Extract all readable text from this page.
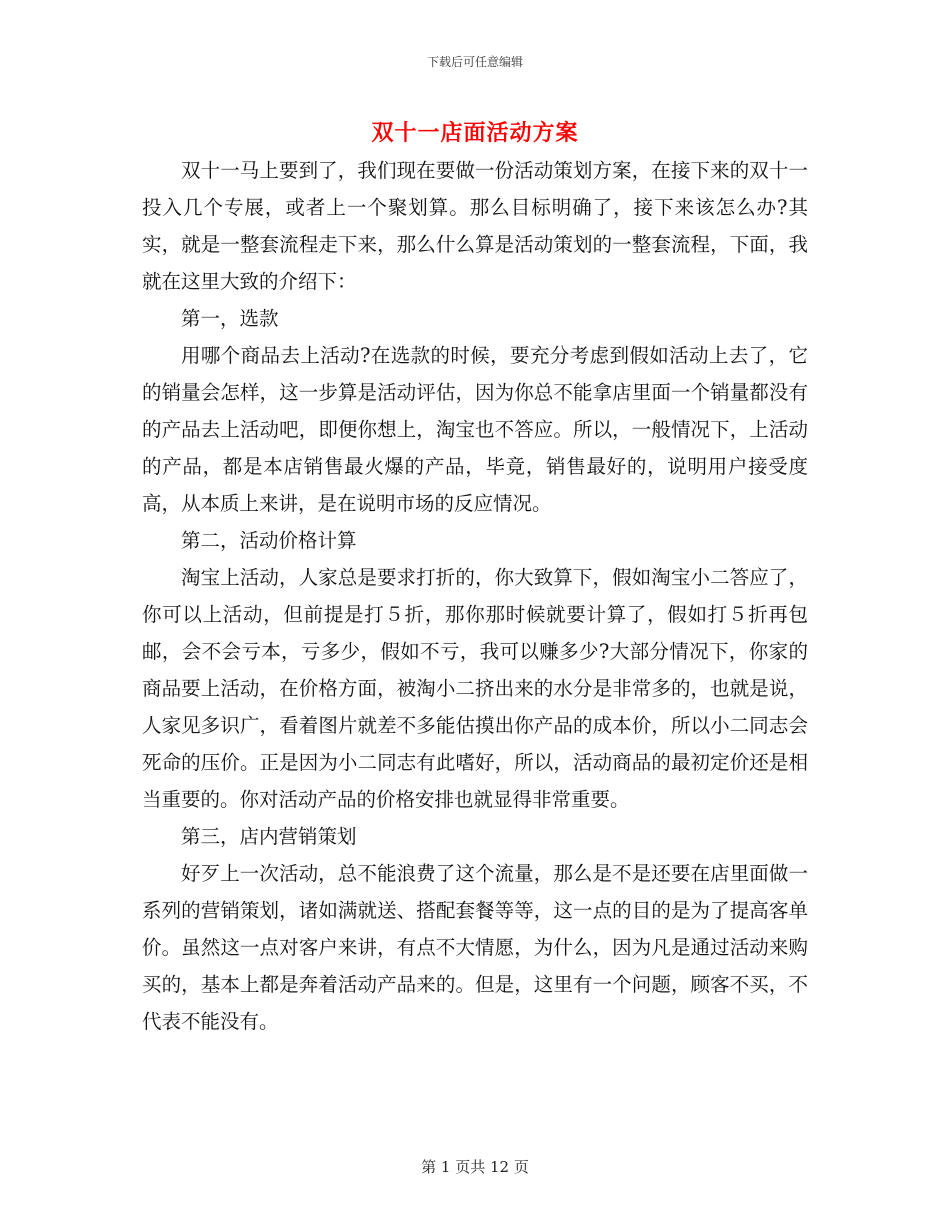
下载后可任意编辑
双十一店面活动方案

双十一马上要到了，我们现在要做一份活动策划方案，在接下来的双十一投入几个专展，或者上一个聚划算。那么目标明确了，接下来该怎么办?其实，就是一整套流程走下来，那么什么算是活动策划的一整套流程，下面，我就在这里大致的介绍下：

第一，选款

用哪个商品去上活动?在选款的时候，要充分考虑到假如活动上去了，它的销量会怎样，这一步算是活动评估，因为你总不能拿店里面一个销量都没有的产品去上活动吧，即便你想上，淘宝也不答应。所以，一般情况下，上活动的产品，都是本店销售最火爆的产品，毕竟，销售最好的，说明用户接受度高，从本质上来讲，是在说明市场的反应情况。

第二，活动价格计算

淘宝上活动，人家总是要求打折的，你大致算下，假如淘宝小二答应了，你可以上活动，但前提是打５折，那你那时候就要计算了，假如打５折再包邮，会不会亏本，亏多少，假如不亏，我可以赚多少?大部分情况下，你家的商品要上活动，在价格方面，被淘小二挤出来的水分是非常多的，也就是说，人家见多识广，看着图片就差不多能估摸出你产品的成本价，所以小二同志会死命的压价。正是因为小二同志有此嗜好，所以，活动商品的最初定价还是相当重要的。你对活动产品的价格安排也就显得非常重要。

第三，店内营销策划

好歹上一次活动，总不能浪费了这个流量，那么是不是还要在店里面做一系列的营销策划，诸如满就送、搭配套餐等等，这一点的目的是为了提高客单价。虽然这一点对客户来讲，有点不大情愿，为什么，因为凡是通过活动来购买的，基本上都是奔着活动产品来的。但是，这里有一个问题，顾客不买，不代表不能没有。

第 1 页共 12 页
